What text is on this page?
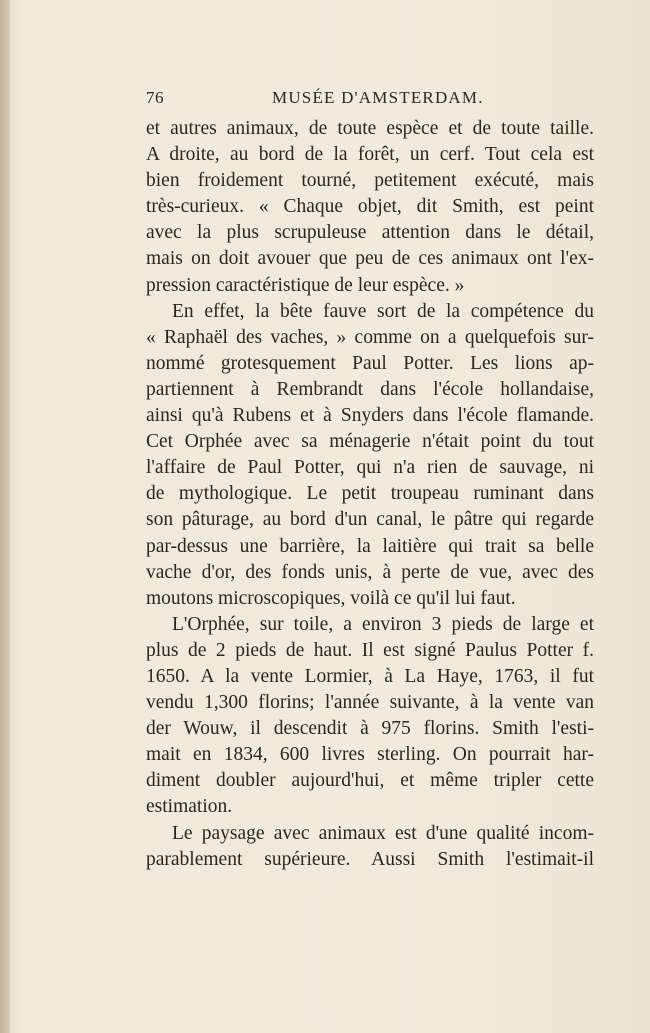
76	MUSÉE D'AMSTERDAM.
et autres animaux, de toute espèce et de toute taille.
A droite, au bord de la forêt, un cerf. Tout cela est
bien froidement tourné, petitement exécuté, mais
très-curieux. « Chaque objet, dit Smith, est peint
avec la plus scrupuleuse attention dans le détail,
mais on doit avouer que peu de ces animaux ont l'ex-
pression caractéristique de leur espèce. »
En effet, la bête fauve sort de la compétence du
« Raphaël des vaches, » comme on a quelquefois sur-
nommé grotesquement Paul Potter. Les lions ap-
partiennent à Rembrandt dans l'école hollandaise,
ainsi qu'à Rubens et à Snyders dans l'école flamande.
Cet Orphée avec sa ménagerie n'était point du tout
l'affaire de Paul Potter, qui n'a rien de sauvage, ni
de mythologique. Le petit troupeau ruminant dans
son pâturage, au bord d'un canal, le pâtre qui regarde
par-dessus une barrière, la laitière qui trait sa belle
vache d'or, des fonds unis, à perte de vue, avec des
moutons microscopiques, voilà ce qu'il lui faut.
L'Orphée, sur toile, a environ 3 pieds de large et
plus de 2 pieds de haut. Il est signé Paulus Potter f.
1650. A la vente Lormier, à La Haye, 1763, il fut
vendu 1,300 florins; l'année suivante, à la vente van
der Wouw, il descendit à 975 florins. Smith l'esti-
mait en 1834, 600 livres sterling. On pourrait har-
diment doubler aujourd'hui, et même tripler cette
estimation.
Le paysage avec animaux est d'une qualité incom-
parablement supérieure. Aussi Smith l'estimait-il
